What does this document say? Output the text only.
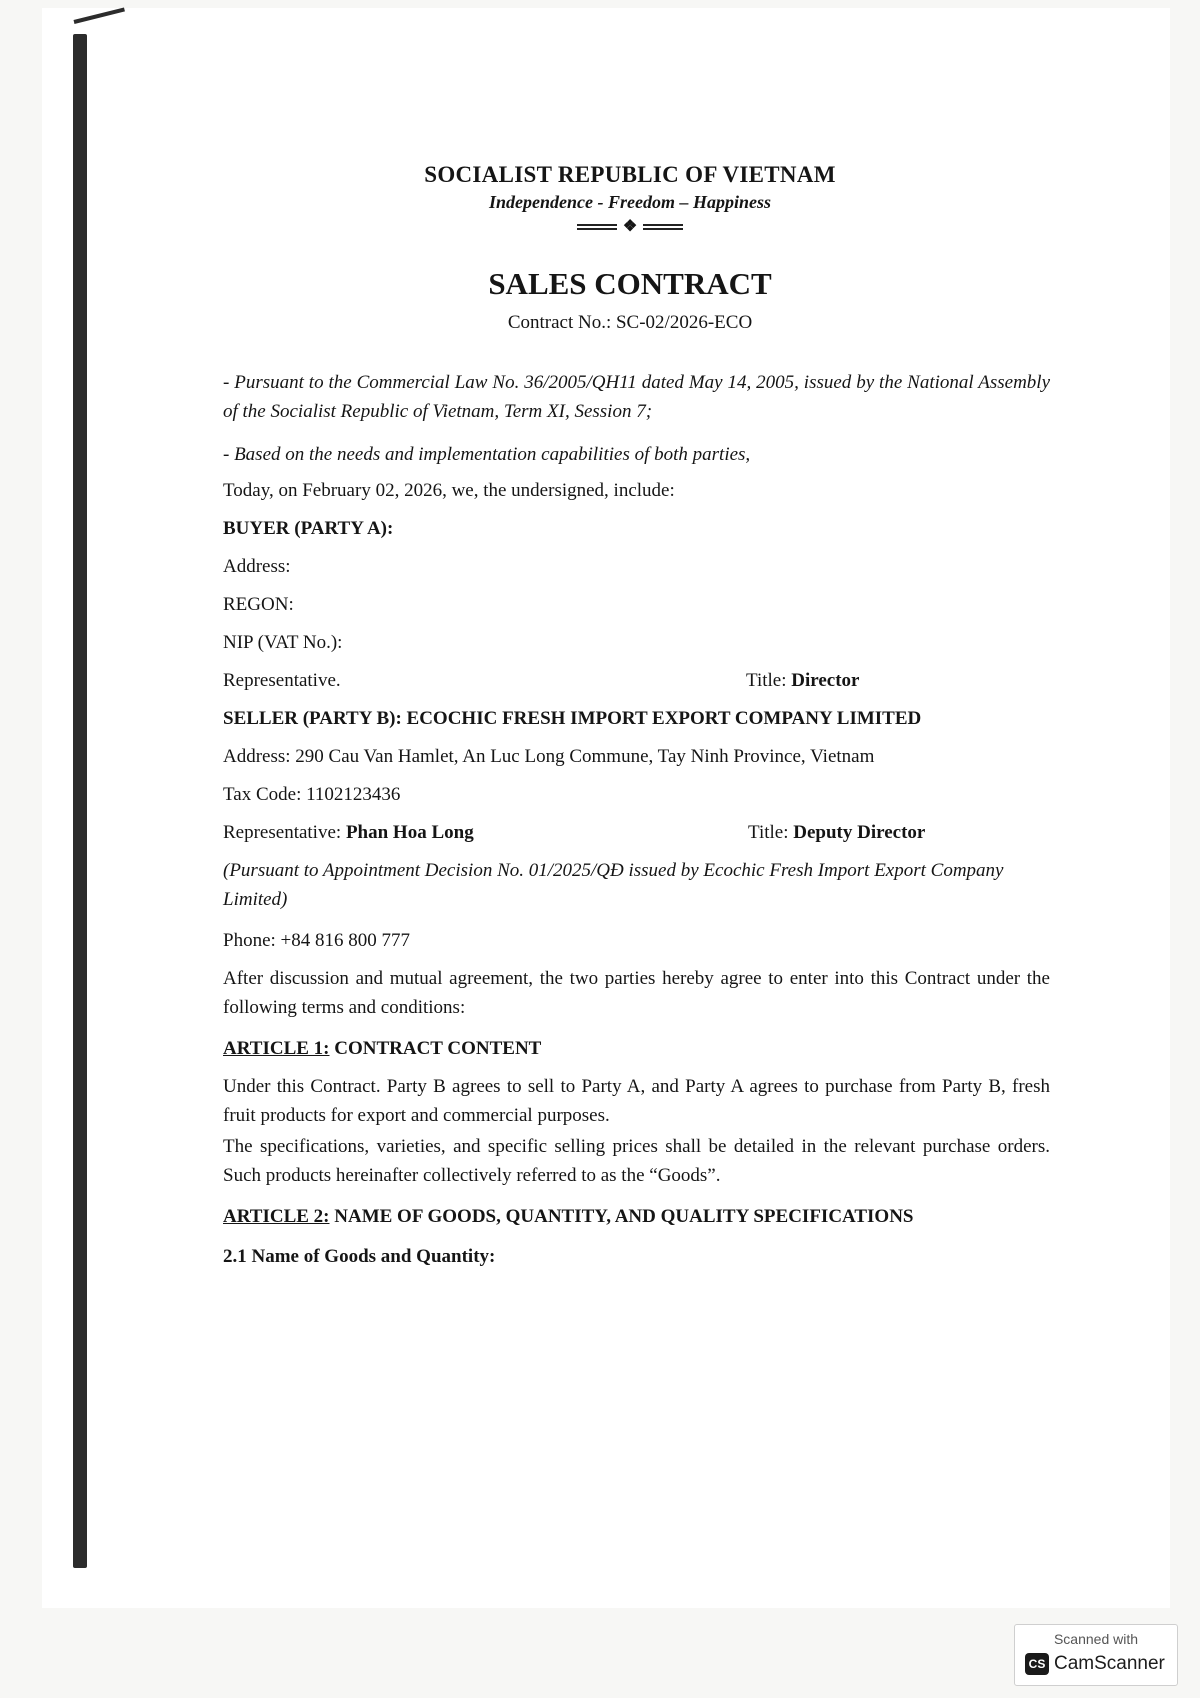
SOCIALIST REPUBLIC OF VIETNAM
Independence - Freedom – Happiness
❖
SALES CONTRACT
Contract No.: SC-02/2026-ECO
- Pursuant to the Commercial Law No. 36/2005/QH11 dated May 14, 2005, issued by the National Assembly of the Socialist Republic of Vietnam, Term XI, Session 7;
- Based on the needs and implementation capabilities of both parties,
Today, on February 02, 2026, we, the undersigned, include:
BUYER (PARTY A):
Address:
REGON:
NIP (VAT No.):
Representative.	Title: Director
SELLER (PARTY B): ECOCHIC FRESH IMPORT EXPORT COMPANY LIMITED
Address: 290 Cau Van Hamlet, An Luc Long Commune, Tay Ninh Province, Vietnam
Tax Code: 1102123436
Representative: Phan Hoa Long	Title: Deputy Director
(Pursuant to Appointment Decision No. 01/2025/QĐ issued by Ecochic Fresh Import Export Company Limited)
Phone: +84 816 800 777
After discussion and mutual agreement, the two parties hereby agree to enter into this Contract under the following terms and conditions:
ARTICLE 1: CONTRACT CONTENT
Under this Contract. Party B agrees to sell to Party A, and Party A agrees to purchase from Party B, fresh fruit products for export and commercial purposes.
The specifications, varieties, and specific selling prices shall be detailed in the relevant purchase orders. Such products hereinafter collectively referred to as the “Goods”.
ARTICLE 2: NAME OF GOODS, QUANTITY, AND QUALITY SPECIFICATIONS
2.1 Name of Goods and Quantity:
Scanned with
CS CamScanner
